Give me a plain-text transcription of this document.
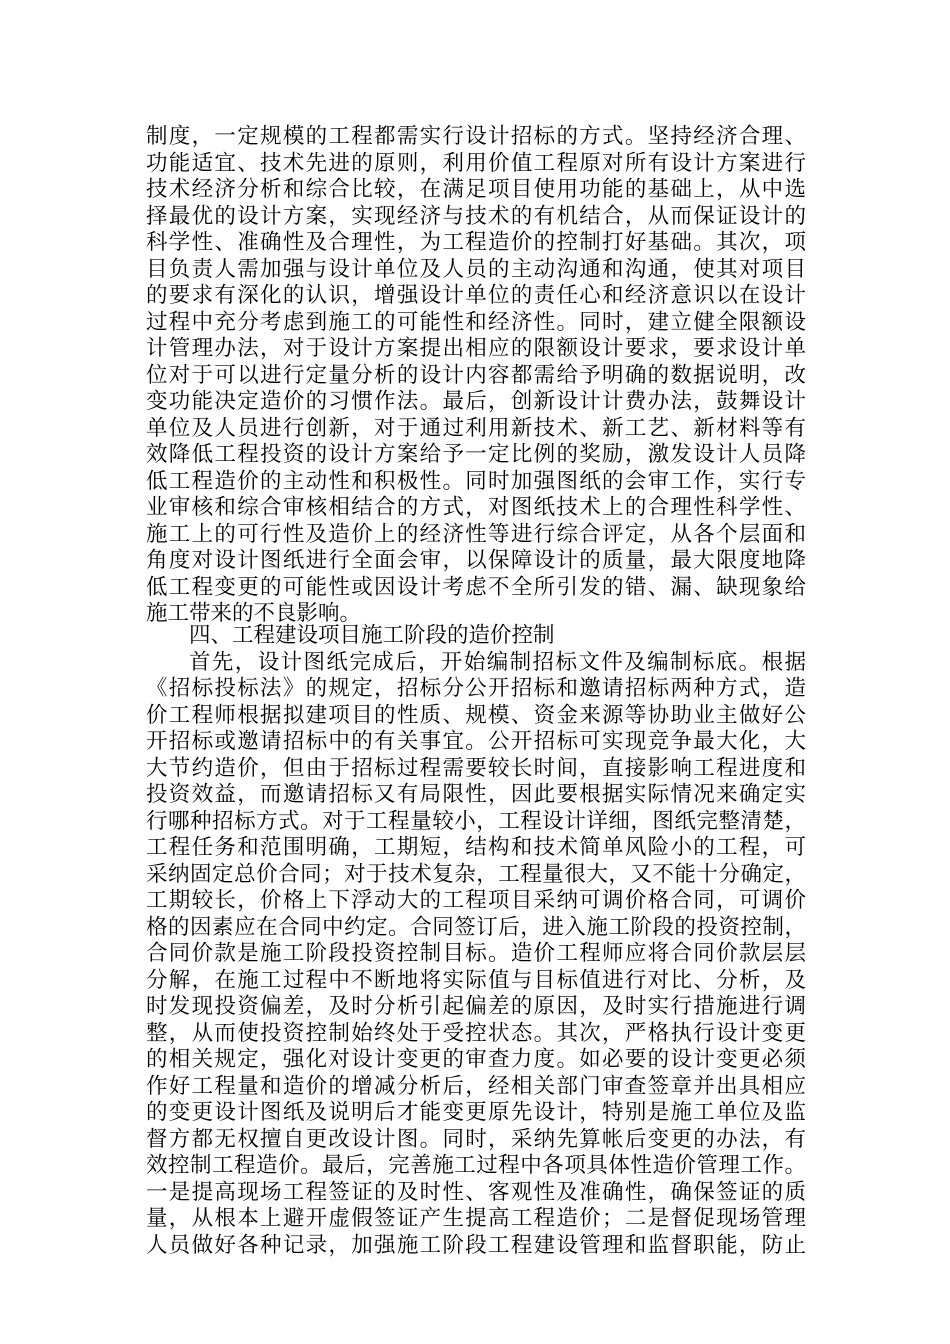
制度，一定规模的工程都需实行设计招标的方式。坚持经济合理、
功能适宜、技术先进的原则，利用价值工程原对所有设计方案进行
技术经济分析和综合比较，在满足项目使用功能的基础上，从中选
择最优的设计方案，实现经济与技术的有机结合，从而保证设计的
科学性、准确性及合理性，为工程造价的控制打好基础。其次，项
目负责人需加强与设计单位及人员的主动沟通和沟通，使其对项目
的要求有深化的认识，增强设计单位的责任心和经济意识以在设计
过程中充分考虑到施工的可能性和经济性。同时，建立健全限额设
计管理办法，对于设计方案提出相应的限额设计要求，要求设计单
位对于可以进行定量分析的设计内容都需给予明确的数据说明，改
变功能决定造价的习惯作法。最后，创新设计计费办法，鼓舞设计
单位及人员进行创新，对于通过利用新技术、新工艺、新材料等有
效降低工程投资的设计方案给予一定比例的奖励，激发设计人员降
低工程造价的主动性和积极性。同时加强图纸的会审工作，实行专
业审核和综合审核相结合的方式，对图纸技术上的合理性科学性、
施工上的可行性及造价上的经济性等进行综合评定，从各个层面和
角度对设计图纸进行全面会审，以保障设计的质量，最大限度地降
低工程变更的可能性或因设计考虑不全所引发的错、漏、缺现象给
施工带来的不良影响。
四、工程建设项目施工阶段的造价控制
首先，设计图纸完成后，开始编制招标文件及编制标底。根据
《招标投标法》的规定，招标分公开招标和邀请招标两种方式，造
价工程师根据拟建项目的性质、规模、资金来源等协助业主做好公
开招标或邀请招标中的有关事宜。公开招标可实现竞争最大化，大
大节约造价，但由于招标过程需要较长时间，直接影响工程进度和
投资效益，而邀请招标又有局限性，因此要根据实际情况来确定实
行哪种招标方式。对于工程量较小，工程设计详细，图纸完整清楚，
工程任务和范围明确，工期短，结构和技术简单风险小的工程，可
采纳固定总价合同；对于技术复杂，工程量很大，又不能十分确定，
工期较长，价格上下浮动大的工程项目采纳可调价格合同，可调价
格的因素应在合同中约定。合同签订后，进入施工阶段的投资控制，
合同价款是施工阶段投资控制目标。造价工程师应将合同价款层层
分解，在施工过程中不断地将实际值与目标值进行对比、分析，及
时发现投资偏差，及时分析引起偏差的原因，及时实行措施进行调
整，从而使投资控制始终处于受控状态。其次，严格执行设计变更
的相关规定，强化对设计变更的审查力度。如必要的设计变更必须
作好工程量和造价的增减分析后，经相关部门审查签章并出具相应
的变更设计图纸及说明后才能变更原先设计，特别是施工单位及监
督方都无权擅自更改设计图。同时，采纳先算帐后变更的办法，有
效控制工程造价。最后，完善施工过程中各项具体性造价管理工作。
一是提高现场工程签证的及时性、客观性及准确性，确保签证的质
量，从根本上避开虚假签证产生提高工程造价；二是督促现场管理
人员做好各种记录，加强施工阶段工程建设管理和监督职能，防止
